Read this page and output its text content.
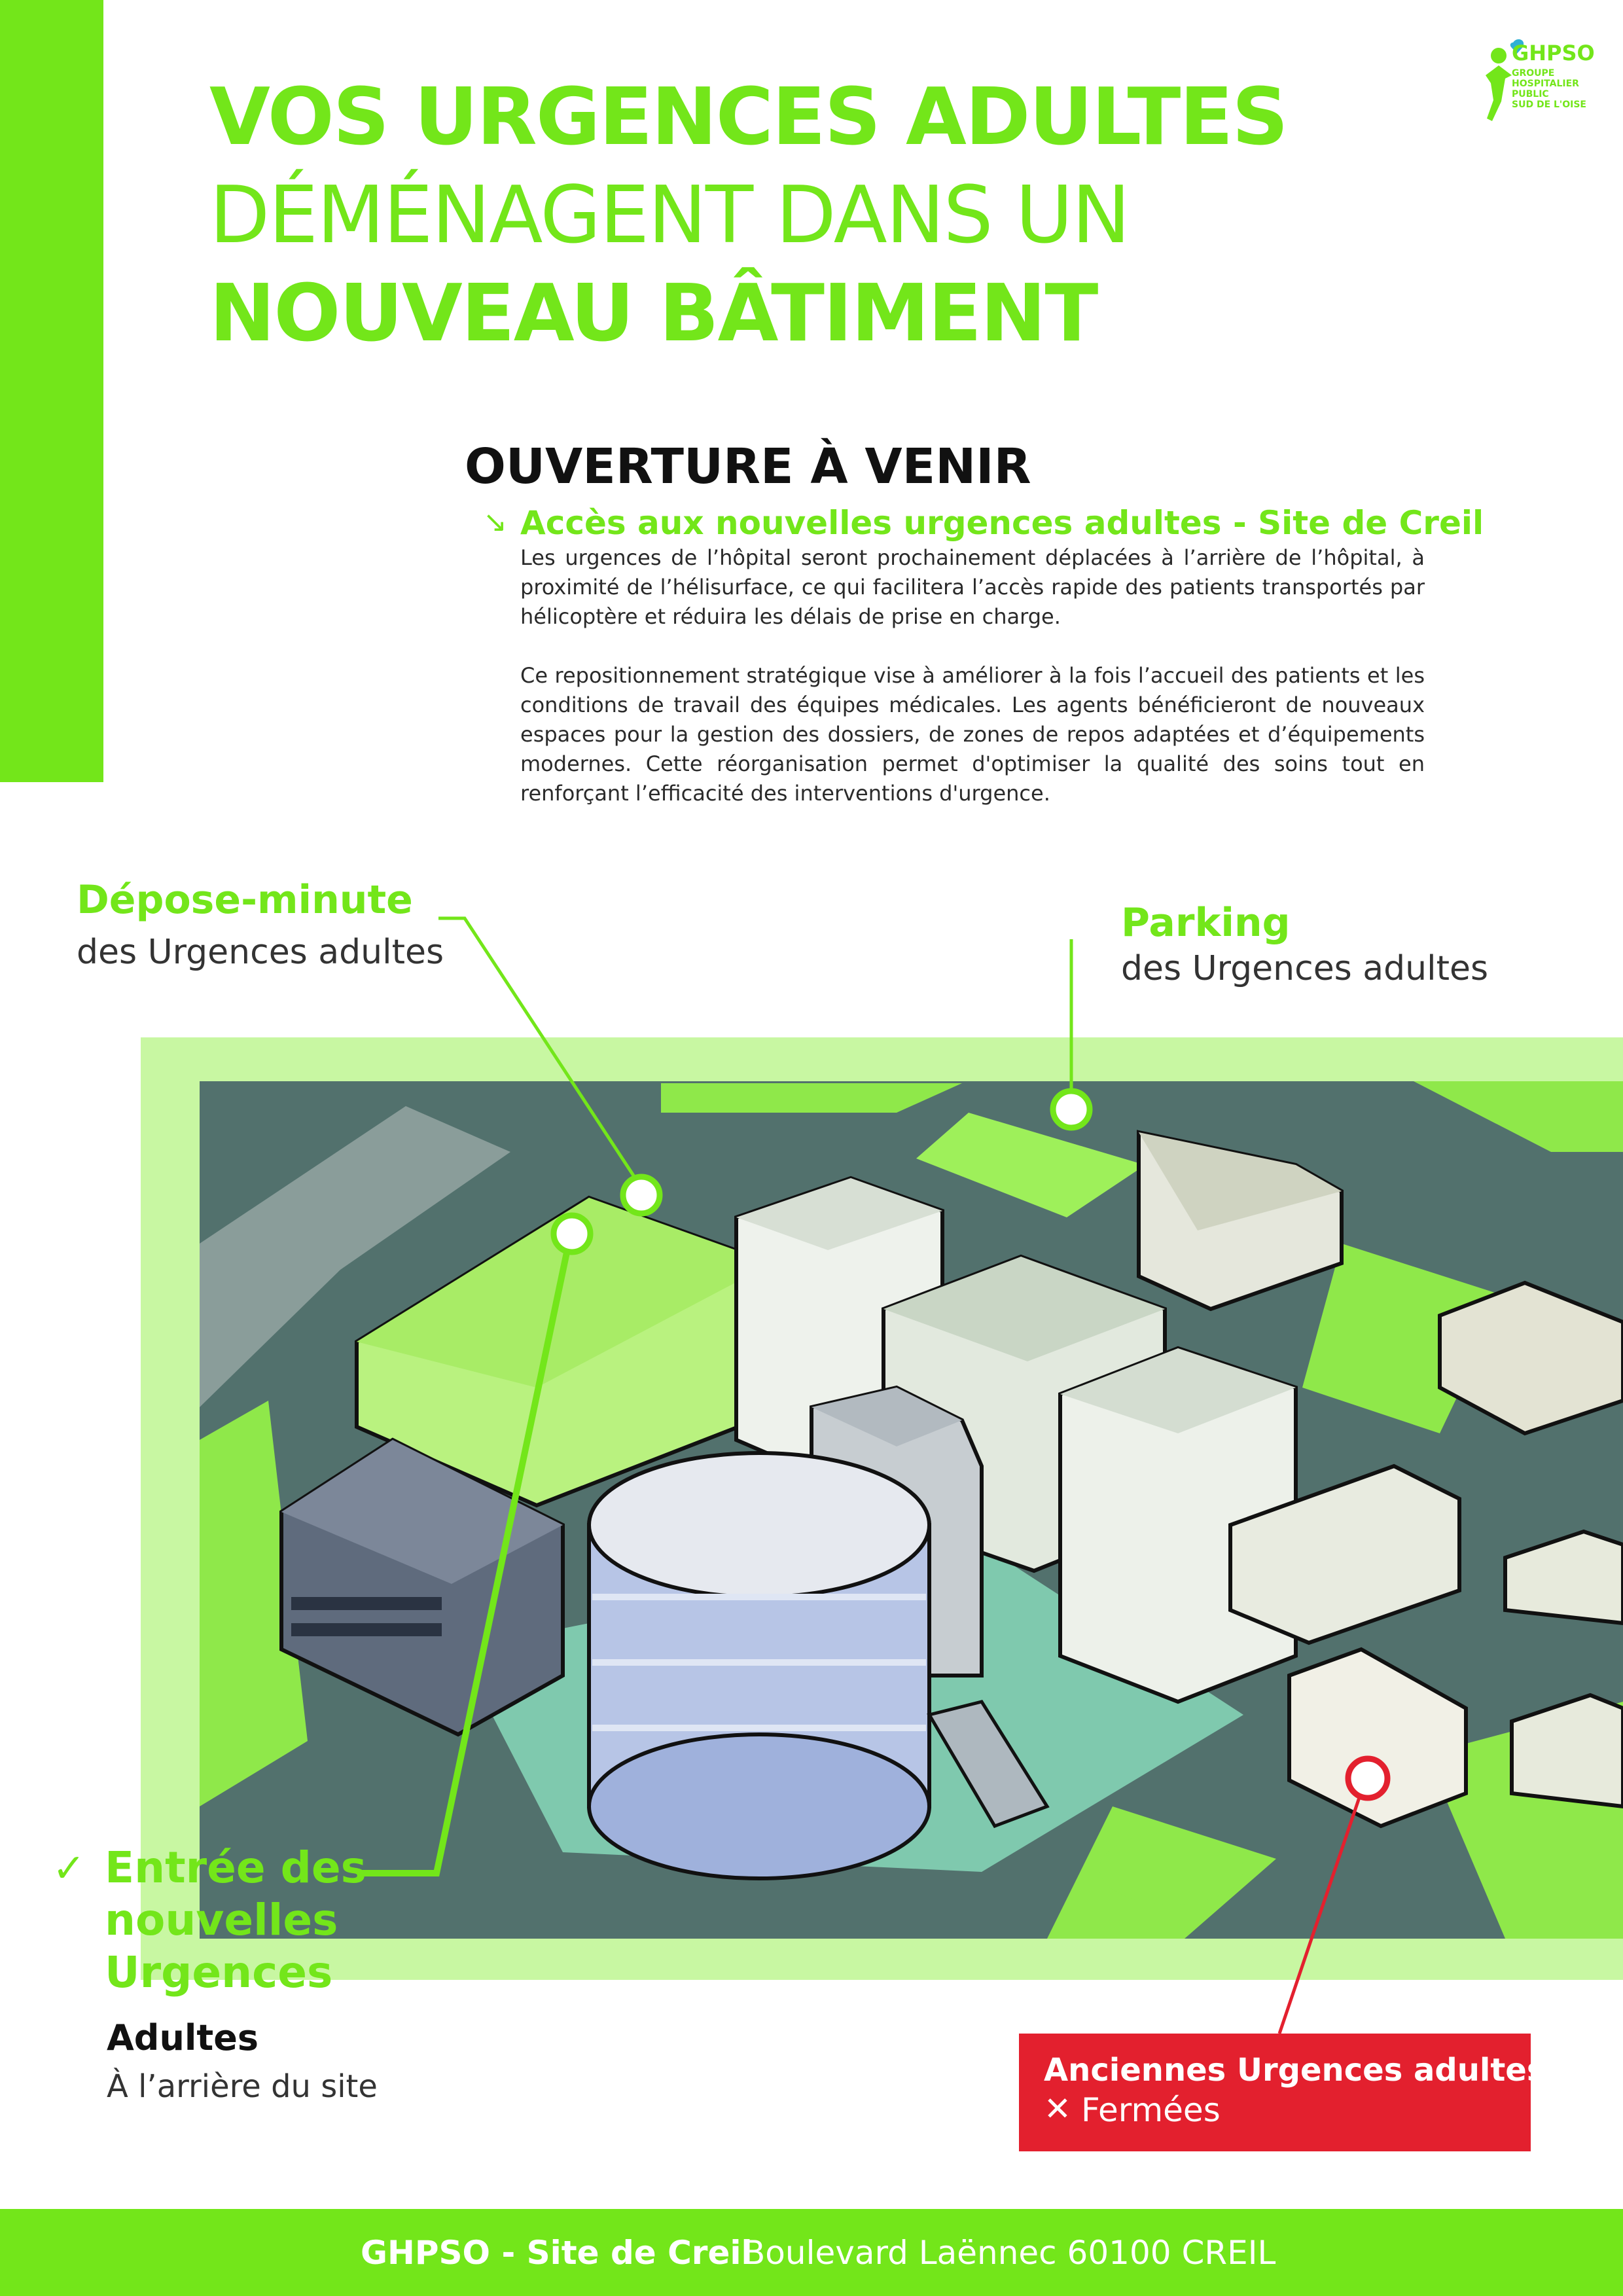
VOS URGENCES ADULTES
DÉMÉNAGENT DANS UN
NOUVEAU BÂTIMENT
GHPSO
GROUPE
HOSPITALIER
PUBLIC
SUD DE L'OISE
OUVERTURE À VENIR
↘ Accès aux nouvelles urgences adultes - Site de Creil
Les urgences de l’hôpital seront prochainement déplacées à l’arrière de l’hôpital, à proximité de l’hélisurface, ce qui facilitera l’accès rapide des patients transportés par hélicoptère et réduira les délais de prise en charge.
Ce repositionnement stratégique vise à améliorer à la fois l’accueil des patients et les conditions de travail des équipes médicales. Les agents bénéficieront de nouveaux espaces pour la gestion des dossiers, de zones de repos adaptées et d’équipements modernes. Cette réorganisation permet d'optimiser la qualité des soins tout en renforçant l’efficacité des interventions d'urgence.
Dépose-minute
des Urgences adultes
Parking
des Urgences adultes
✓ Entrée des
nouvelles
Urgences
Adultes
À l’arrière du site	Anciennes Urgences adultes
✕ Fermées
GHPSO - Site de Creil
Boulevard Laënnec 60100 CREIL
